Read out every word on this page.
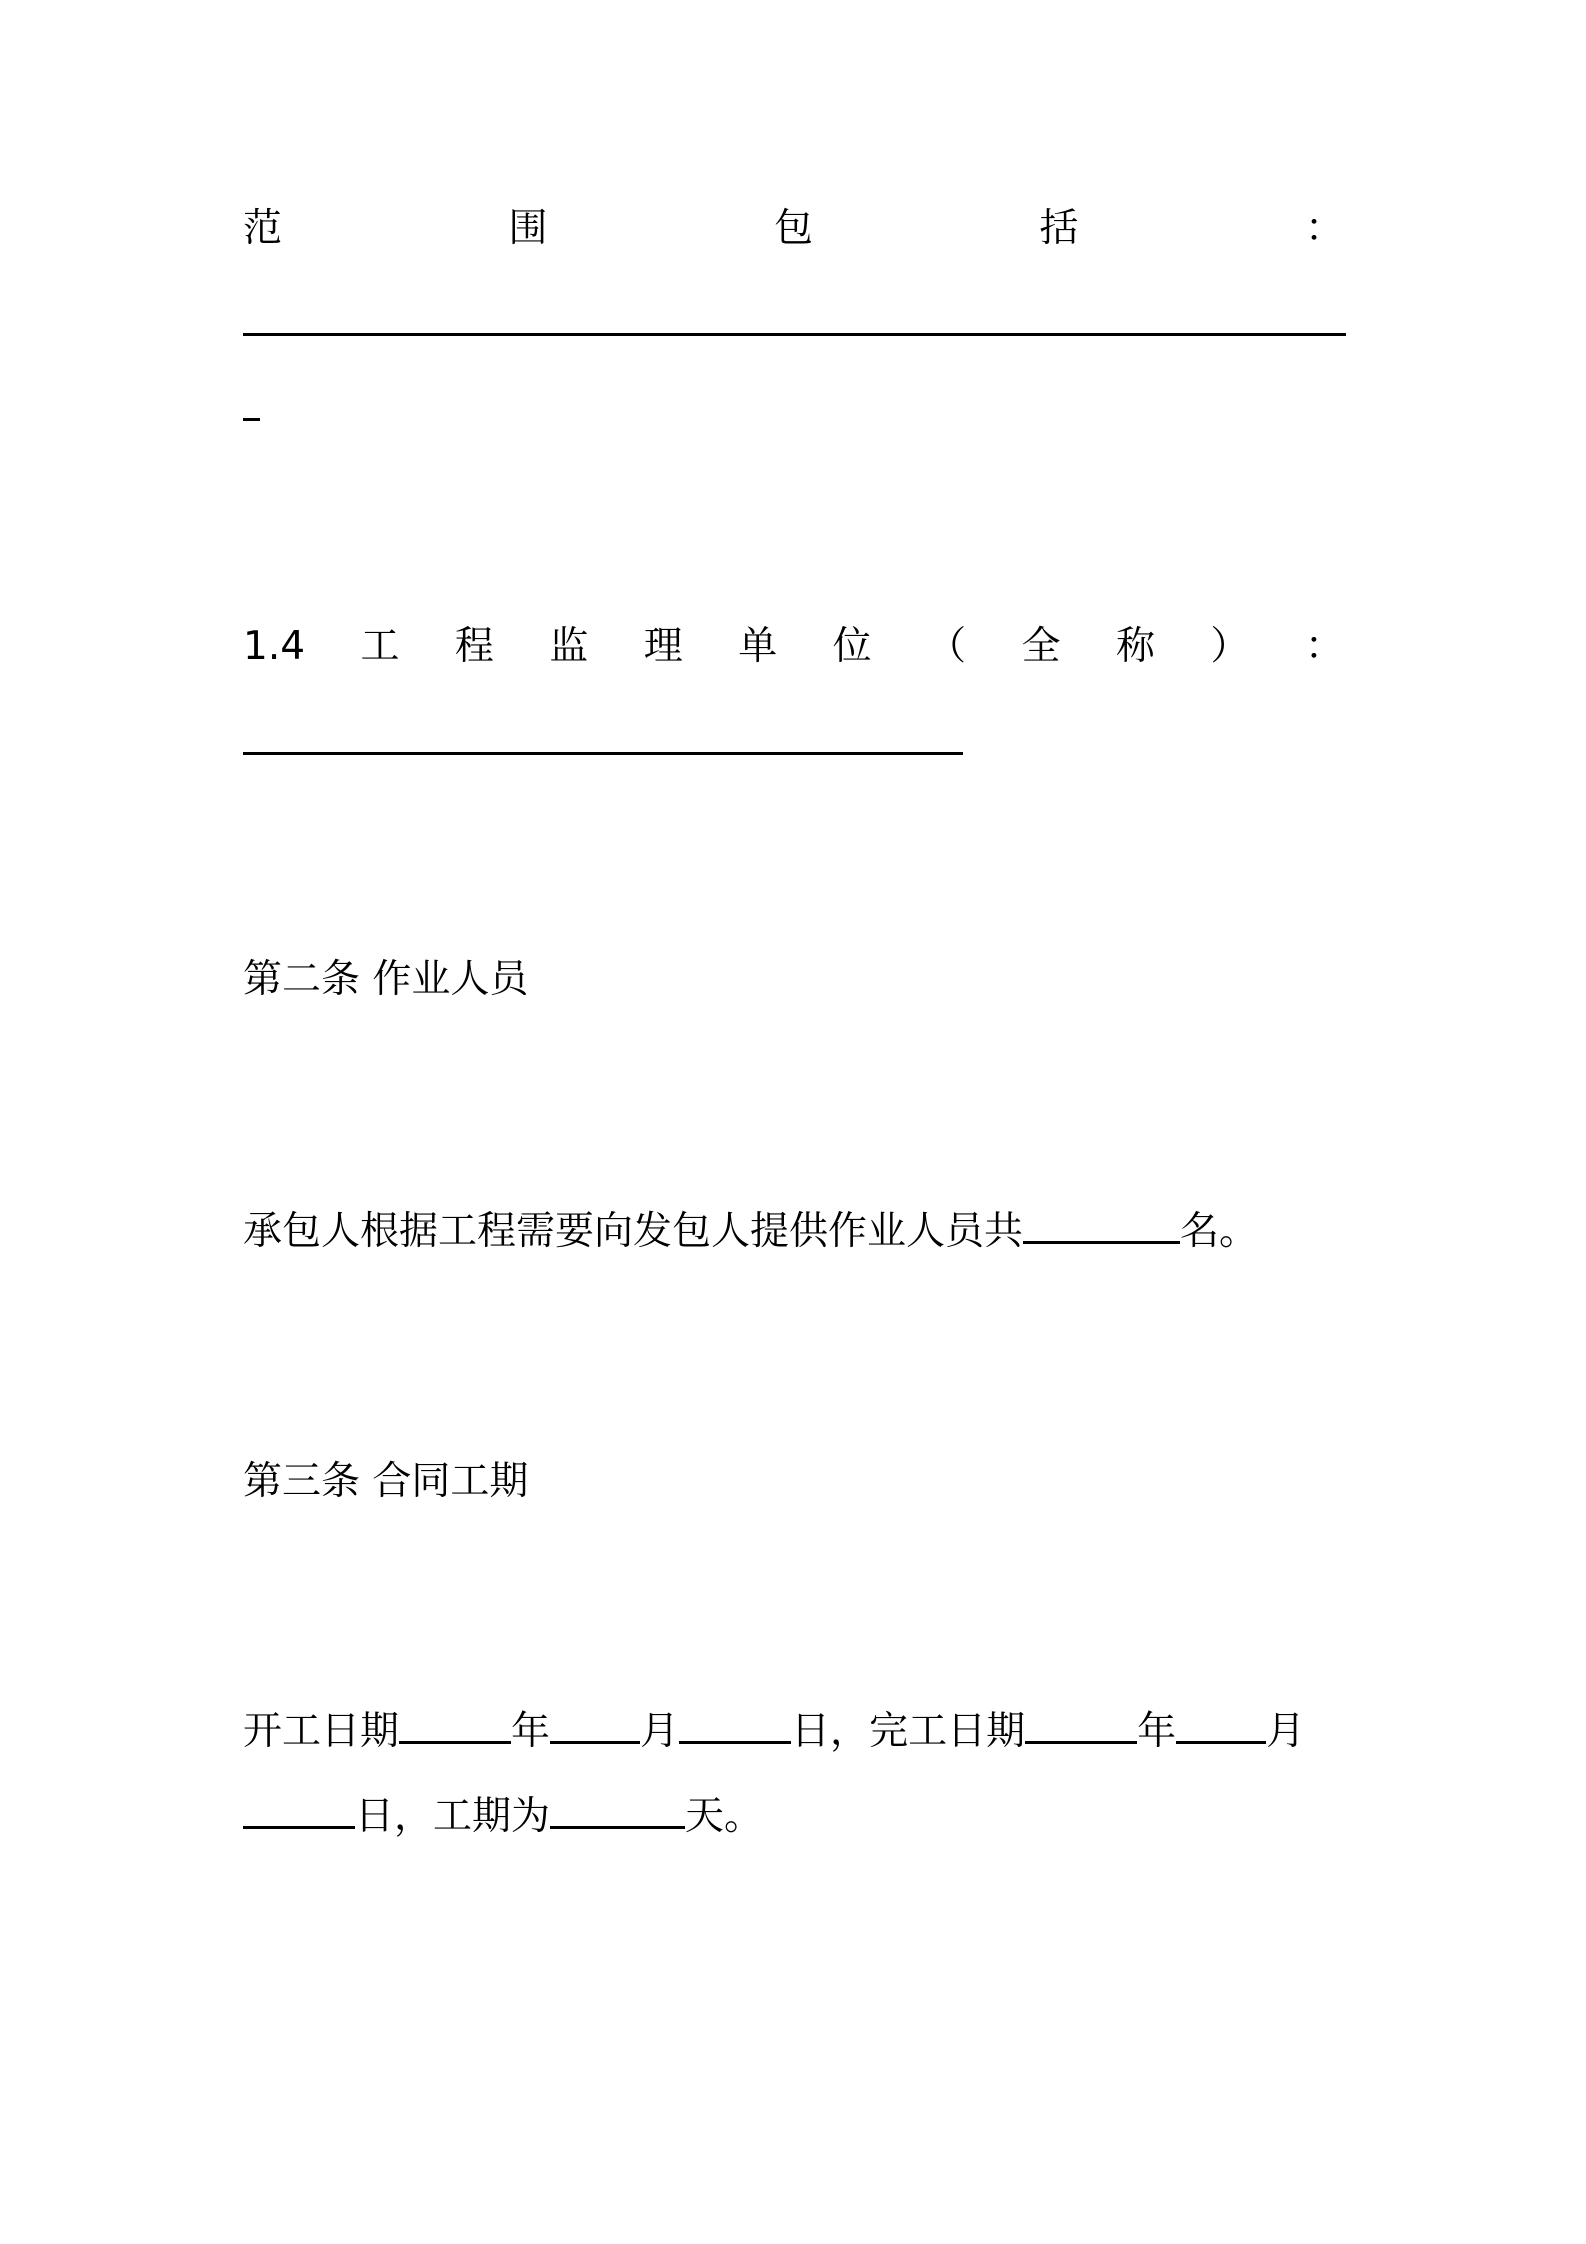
范	围	包	括	：
1.4 工 程 监 理 单 位 （ 全 称 ） ：
第二条 作业人员
承包人根据工程需要向发包人提供作业人员共	名。
第三条 合同工期
开工日期	年 月	日，完工日期	年 月
日，工期为	天。
